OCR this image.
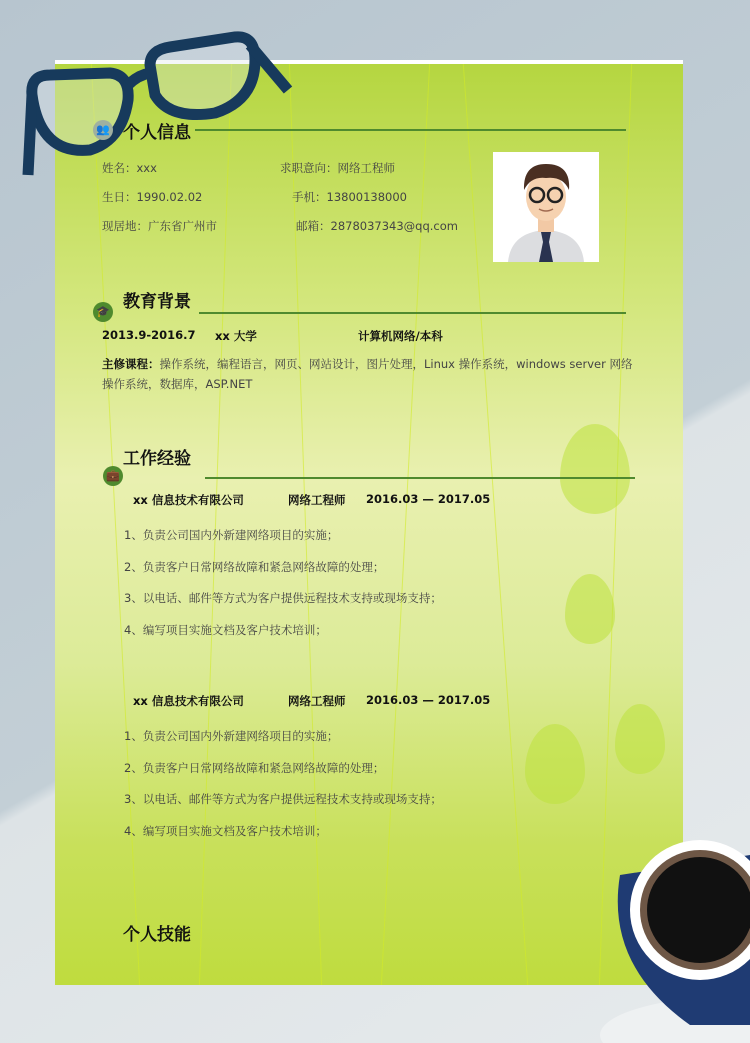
👥 个人信息
姓名：xxx	求职意向：网络工程师
生日：1990.02.02	手机：13800138000
现居地：广东省广州市	邮箱：2878037343@qq.com
教育背景
🎓
2013.9-2016.7 xx 大学	计算机网络/本科
主修课程：操作系统，编程语言，网页、网站设计，图片处理，Linux 操作系统，windows server 网络
操作系统，数据库，ASP.NET
工作经验
💼
xx 信息技术有限公司	网络工程师 2016.03 — 2017.05
1、负责公司国内外新建网络项目的实施；
2、负责客户日常网络故障和紧急网络故障的处理；
3、以电话、邮件等方式为客户提供远程技术支持或现场支持；
4、编写项目实施文档及客户技术培训；
xx 信息技术有限公司	网络工程师 2016.03 — 2017.05
1、负责公司国内外新建网络项目的实施；
2、负责客户日常网络故障和紧急网络故障的处理；
3、以电话、邮件等方式为客户提供远程技术支持或现场支持；
4、编写项目实施文档及客户技术培训；
个人技能
